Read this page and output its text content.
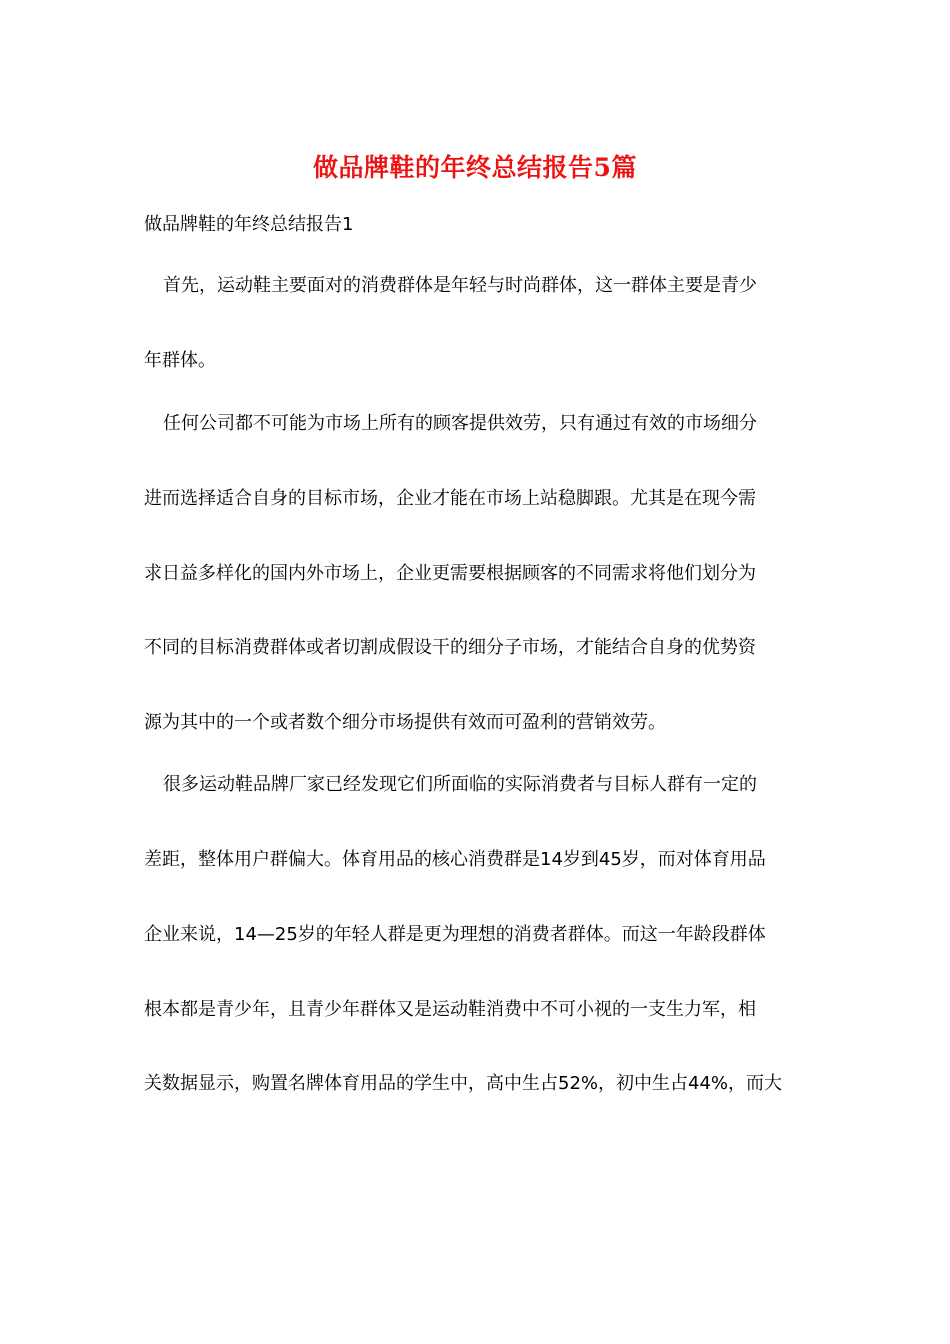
做品牌鞋的年终总结报告5篇
做品牌鞋的年终总结报告1
首先，运动鞋主要面对的消费群体是年轻与时尚群体，这一群体主要是青少
年群体。
任何公司都不可能为市场上所有的顾客提供效劳，只有通过有效的市场细分
进而选择适合自身的目标市场，企业才能在市场上站稳脚跟。尤其是在现今需
求日益多样化的国内外市场上，企业更需要根据顾客的不同需求将他们划分为
不同的目标消费群体或者切割成假设干的细分子市场，才能结合自身的优势资
源为其中的一个或者数个细分市场提供有效而可盈利的营销效劳。
很多运动鞋品牌厂家已经发现它们所面临的实际消费者与目标人群有一定的
差距，整体用户群偏大。体育用品的核心消费群是14岁到45岁，而对体育用品
企业来说，14—25岁的年轻人群是更为理想的消费者群体。而这一年龄段群体
根本都是青少年，且青少年群体又是运动鞋消费中不可小视的一支生力军，相
关数据显示，购置名牌体育用品的学生中，高中生占52%，初中生占44%，而大
